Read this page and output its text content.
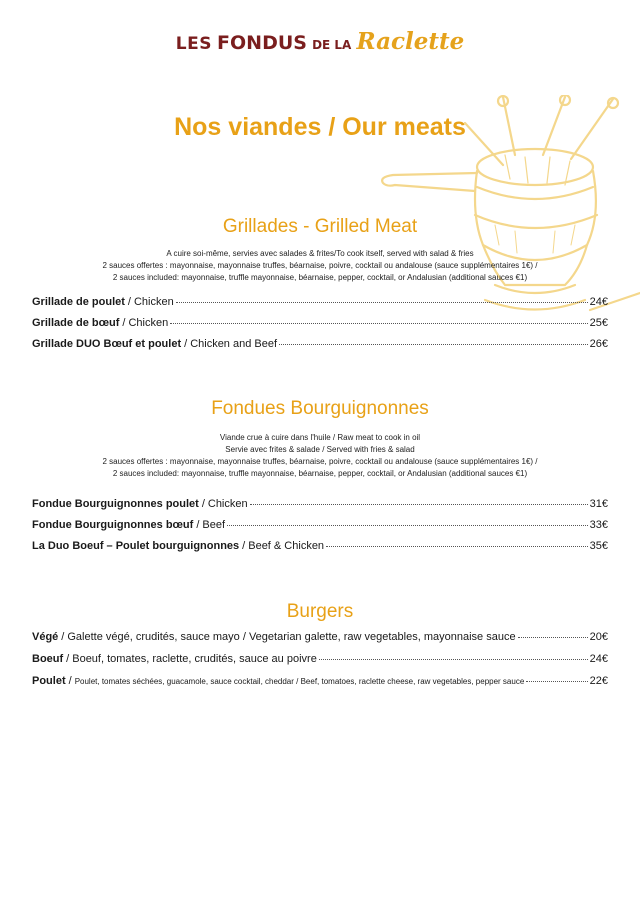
LES FONDUS DE LA Raclette
Nos viandes / Our meats
Grillades - Grilled Meat
A cuire soi-même, servies avec salades & frites/To cook itself, served with salad & fries
2 sauces offertes : mayonnaise, mayonnaise truffes, béarnaise, poivre, cocktail ou andalouse (sauce supplémentaires 1€) /
2 sauces included: mayonnaise, truffle mayonnaise, béarnaise, pepper, cocktail, or Andalusian (additional sauces €1)
Grillade de poulet / Chicken	24€
Grillade de bœuf / Chicken	25€
Grillade DUO Bœuf et poulet / Chicken and Beef	26€
Fondues Bourguignonnes
Viande crue à cuire dans l'huile / Raw meat to cook in oil
Servie avec frites & salade / Served with fries & salad
2 sauces offertes : mayonnaise, mayonnaise truffes, béarnaise, poivre, cocktail ou andalouse (sauce supplémentaires 1€) /
2 sauces included: mayonnaise, truffle mayonnaise, béarnaise, pepper, cocktail, or Andalusian (additional sauces €1)
Fondue Bourguignonnes poulet / Chicken	31€
Fondue Bourguignonnes bœuf / Beef	33€
La Duo Boeuf – Poulet bourguignonnes / Beef & Chicken	35€
Burgers
Végé / Galette végé, crudités, sauce mayo / Vegetarian galette, raw vegetables, mayonnaise sauce	20€
Boeuf / Boeuf, tomates, raclette, crudités, sauce au poivre	24€
Poulet / Poulet, tomates séchées, guacamole, sauce cocktail, cheddar / Beef, tomatoes, raclette cheese, raw vegetables, pepper sauce	22€
